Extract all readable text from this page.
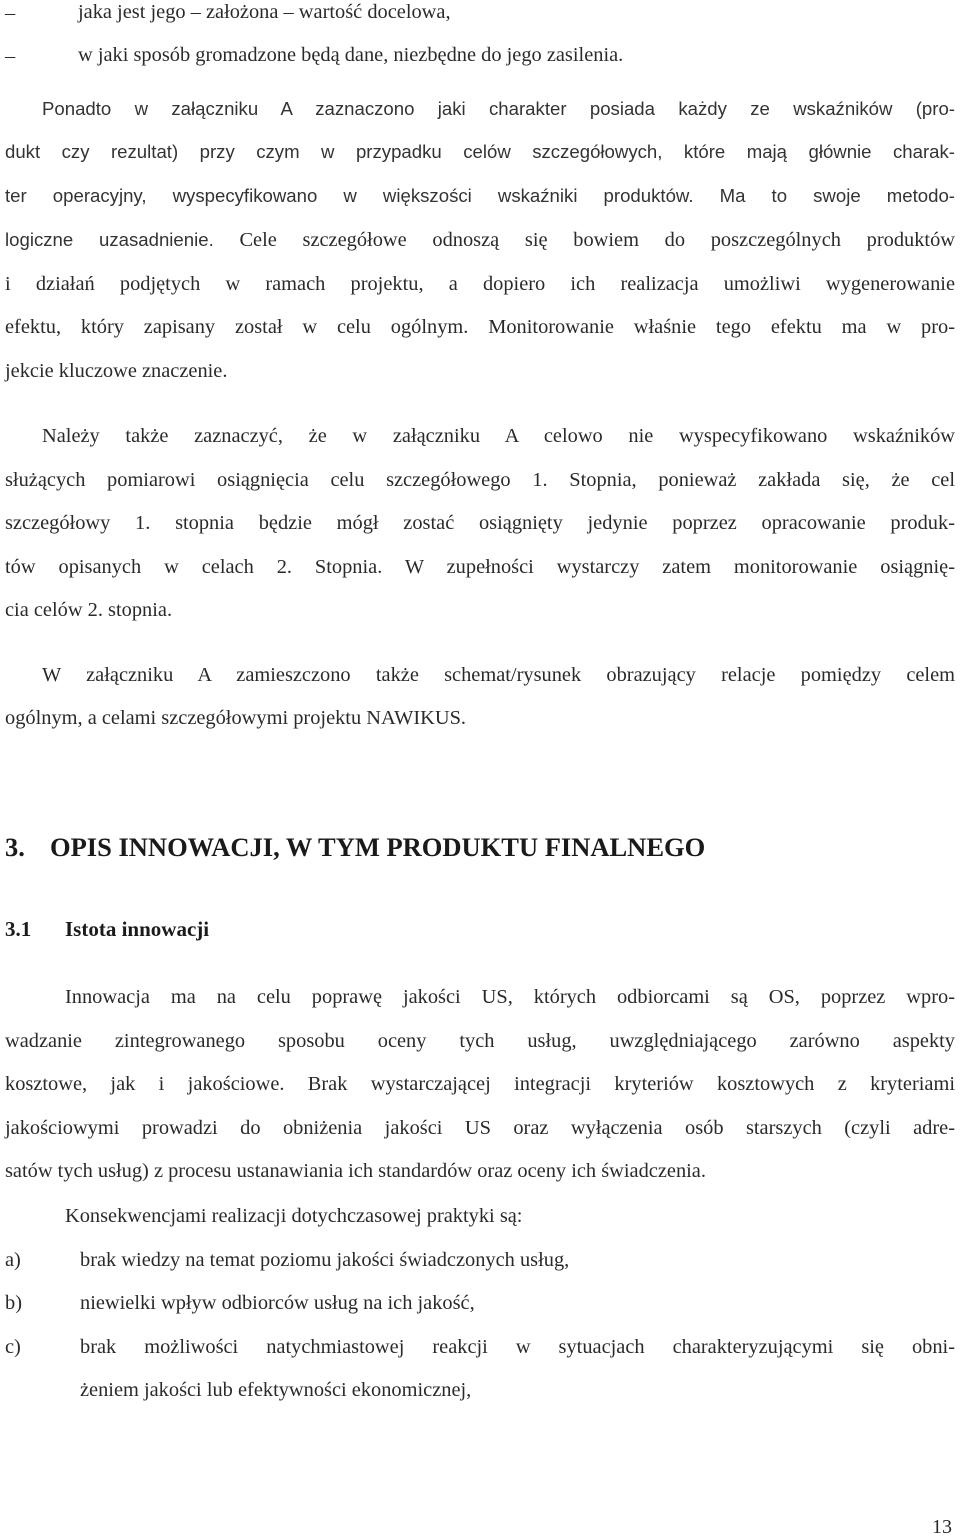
–	jaka jest jego – założona – wartość docelowa,
–	w jaki sposób gromadzone będą dane, niezbędne do jego zasilenia.
Ponadto w załączniku A zaznaczono jaki charakter posiada każdy ze wskaźników (pro-
dukt czy rezultat) przy czym w przypadku celów szczegółowych, które mają głównie charak-
ter operacyjny, wyspecyfikowano w większości wskaźniki produktów. Ma to swoje metodo-
logiczne uzasadnienie. Cele szczegółowe odnoszą się bowiem do poszczególnych produktów
i działań podjętych w ramach projektu, a dopiero ich realizacja umożliwi wygenerowanie
efektu, który zapisany został w celu ogólnym. Monitorowanie właśnie tego efektu ma w pro-
jekcie kluczowe znaczenie.
Należy także zaznaczyć, że w załączniku A celowo nie wyspecyfikowano wskaźników
służących pomiarowi osiągnięcia celu szczegółowego 1. Stopnia, ponieważ zakłada się, że cel
szczegółowy 1. stopnia będzie mógł zostać osiągnięty jedynie poprzez opracowanie produk-
tów opisanych w celach 2. Stopnia. W zupełności wystarczy zatem monitorowanie osiągnię-
cia celów 2. stopnia.
W załączniku A zamieszczono także schemat/rysunek obrazujący relacje pomiędzy celem
ogólnym, a celami szczegółowymi projektu NAWIKUS.
3. OPIS INNOWACJI, W TYM PRODUKTU FINALNEGO
3.1 Istota innowacji
Innowacja ma na celu poprawę jakości US, których odbiorcami są OS, poprzez wpro-
wadzanie zintegrowanego sposobu oceny tych usług, uwzględniającego zarówno aspekty
kosztowe, jak i jakościowe. Brak wystarczającej integracji kryteriów kosztowych z kryteriami
jakościowymi prowadzi do obniżenia jakości US oraz wyłączenia osób starszych (czyli adre-
satów tych usług) z procesu ustanawiania ich standardów oraz oceny ich świadczenia.
Konsekwencjami realizacji dotychczasowej praktyki są:
a)	brak wiedzy na temat poziomu jakości świadczonych usług,
b)	niewielki wpływ odbiorców usług na ich jakość,
c)	brak możliwości natychmiastowej reakcji w sytuacjach charakteryzującymi się obni-
żeniem jakości lub efektywności ekonomicznej,
13
